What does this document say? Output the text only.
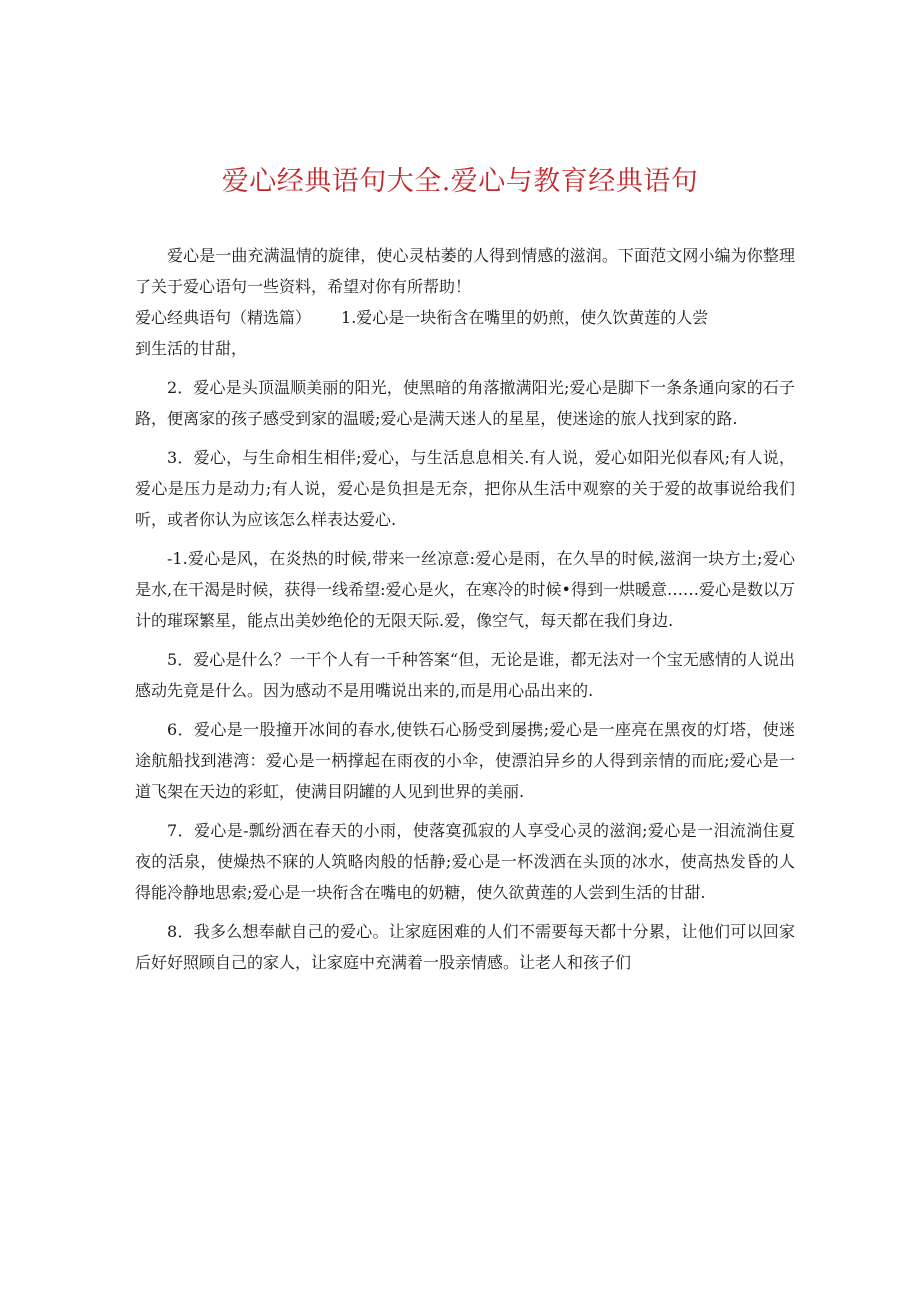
爱心经典语句大全.爱心与教育经典语句

爱心是一曲充满温情的旋律，使心灵枯萎的人得到情感的滋润。下面范文网小编为你整理了关于爱心语句一些资料，希望对你有所帮助！

爱心经典语句（精选篇） 1.爱心是一块衔含在嘴里的奶煎，使久饮黄莲的人尝
到生活的甘甜，

2．爱心是头顶温顺美丽的阳光，使黑暗的角落撤满阳光;爱心是脚下一条条通向家的石子路，便离家的孩子感受到家的温暖;爱心是满天迷人的星星，使迷途的旅人找到家的路.

3．爱心，与生命相生相伴;爱心，与生活息息相关.有人说，爱心如阳光似春风;有人说，爱心是压力是动力;有人说，爱心是负担是无奈，把你从生活中观察的关于爱的故事说给我们听，或者你认为应该怎么样表达爱心.

-1.爱心是风，在炎热的时候,带来一丝凉意:爱心是雨，在久旱的时候,滋润一块方土;爱心是水,在干渴是时候，获得一线希望:爱心是火，在寒冷的时候•得到一烘暖意……爱心是数以万计的璀琛繁星，能点出美妙绝伦的无限天际.爱，像空气，每天都在我们身边.

5．爱心是什么？一干个人有一千种答案“但，无论是谁，都无法对一个宝无感情的人说出感动先竟是什么。因为感动不是用嘴说出来的,而是用心品出来的.

6．爱心是一股撞开冰间的春水,使铁石心肠受到屡携;爱心是一座亮在黑夜的灯塔，使迷途航船找到港湾：爱心是一柄撑起在雨夜的小伞，使漂泊异乡的人得到亲情的而庇;爱心是一道飞架在天边的彩虹，使满目阴罐的人见到世界的美丽.

7．爱心是-瓢纷洒在春天的小雨，使落寞孤寂的人享受心灵的滋润;爱心是一泪流淌住夏夜的活泉，使燥热不寐的人筑略肉般的恬静;爱心是一杯泼洒在头顶的冰水，使高热发昏的人得能冷静地思索;爱心是一块衔含在嘴电的奶糖，使久欲黄莲的人尝到生活的甘甜.

8．我多么想奉献自己的爱心。让家庭困难的人们不需要每天都十分累，让他们可以回家后好好照顾自己的家人，让家庭中充满着一股亲情感。让老人和孩子们
